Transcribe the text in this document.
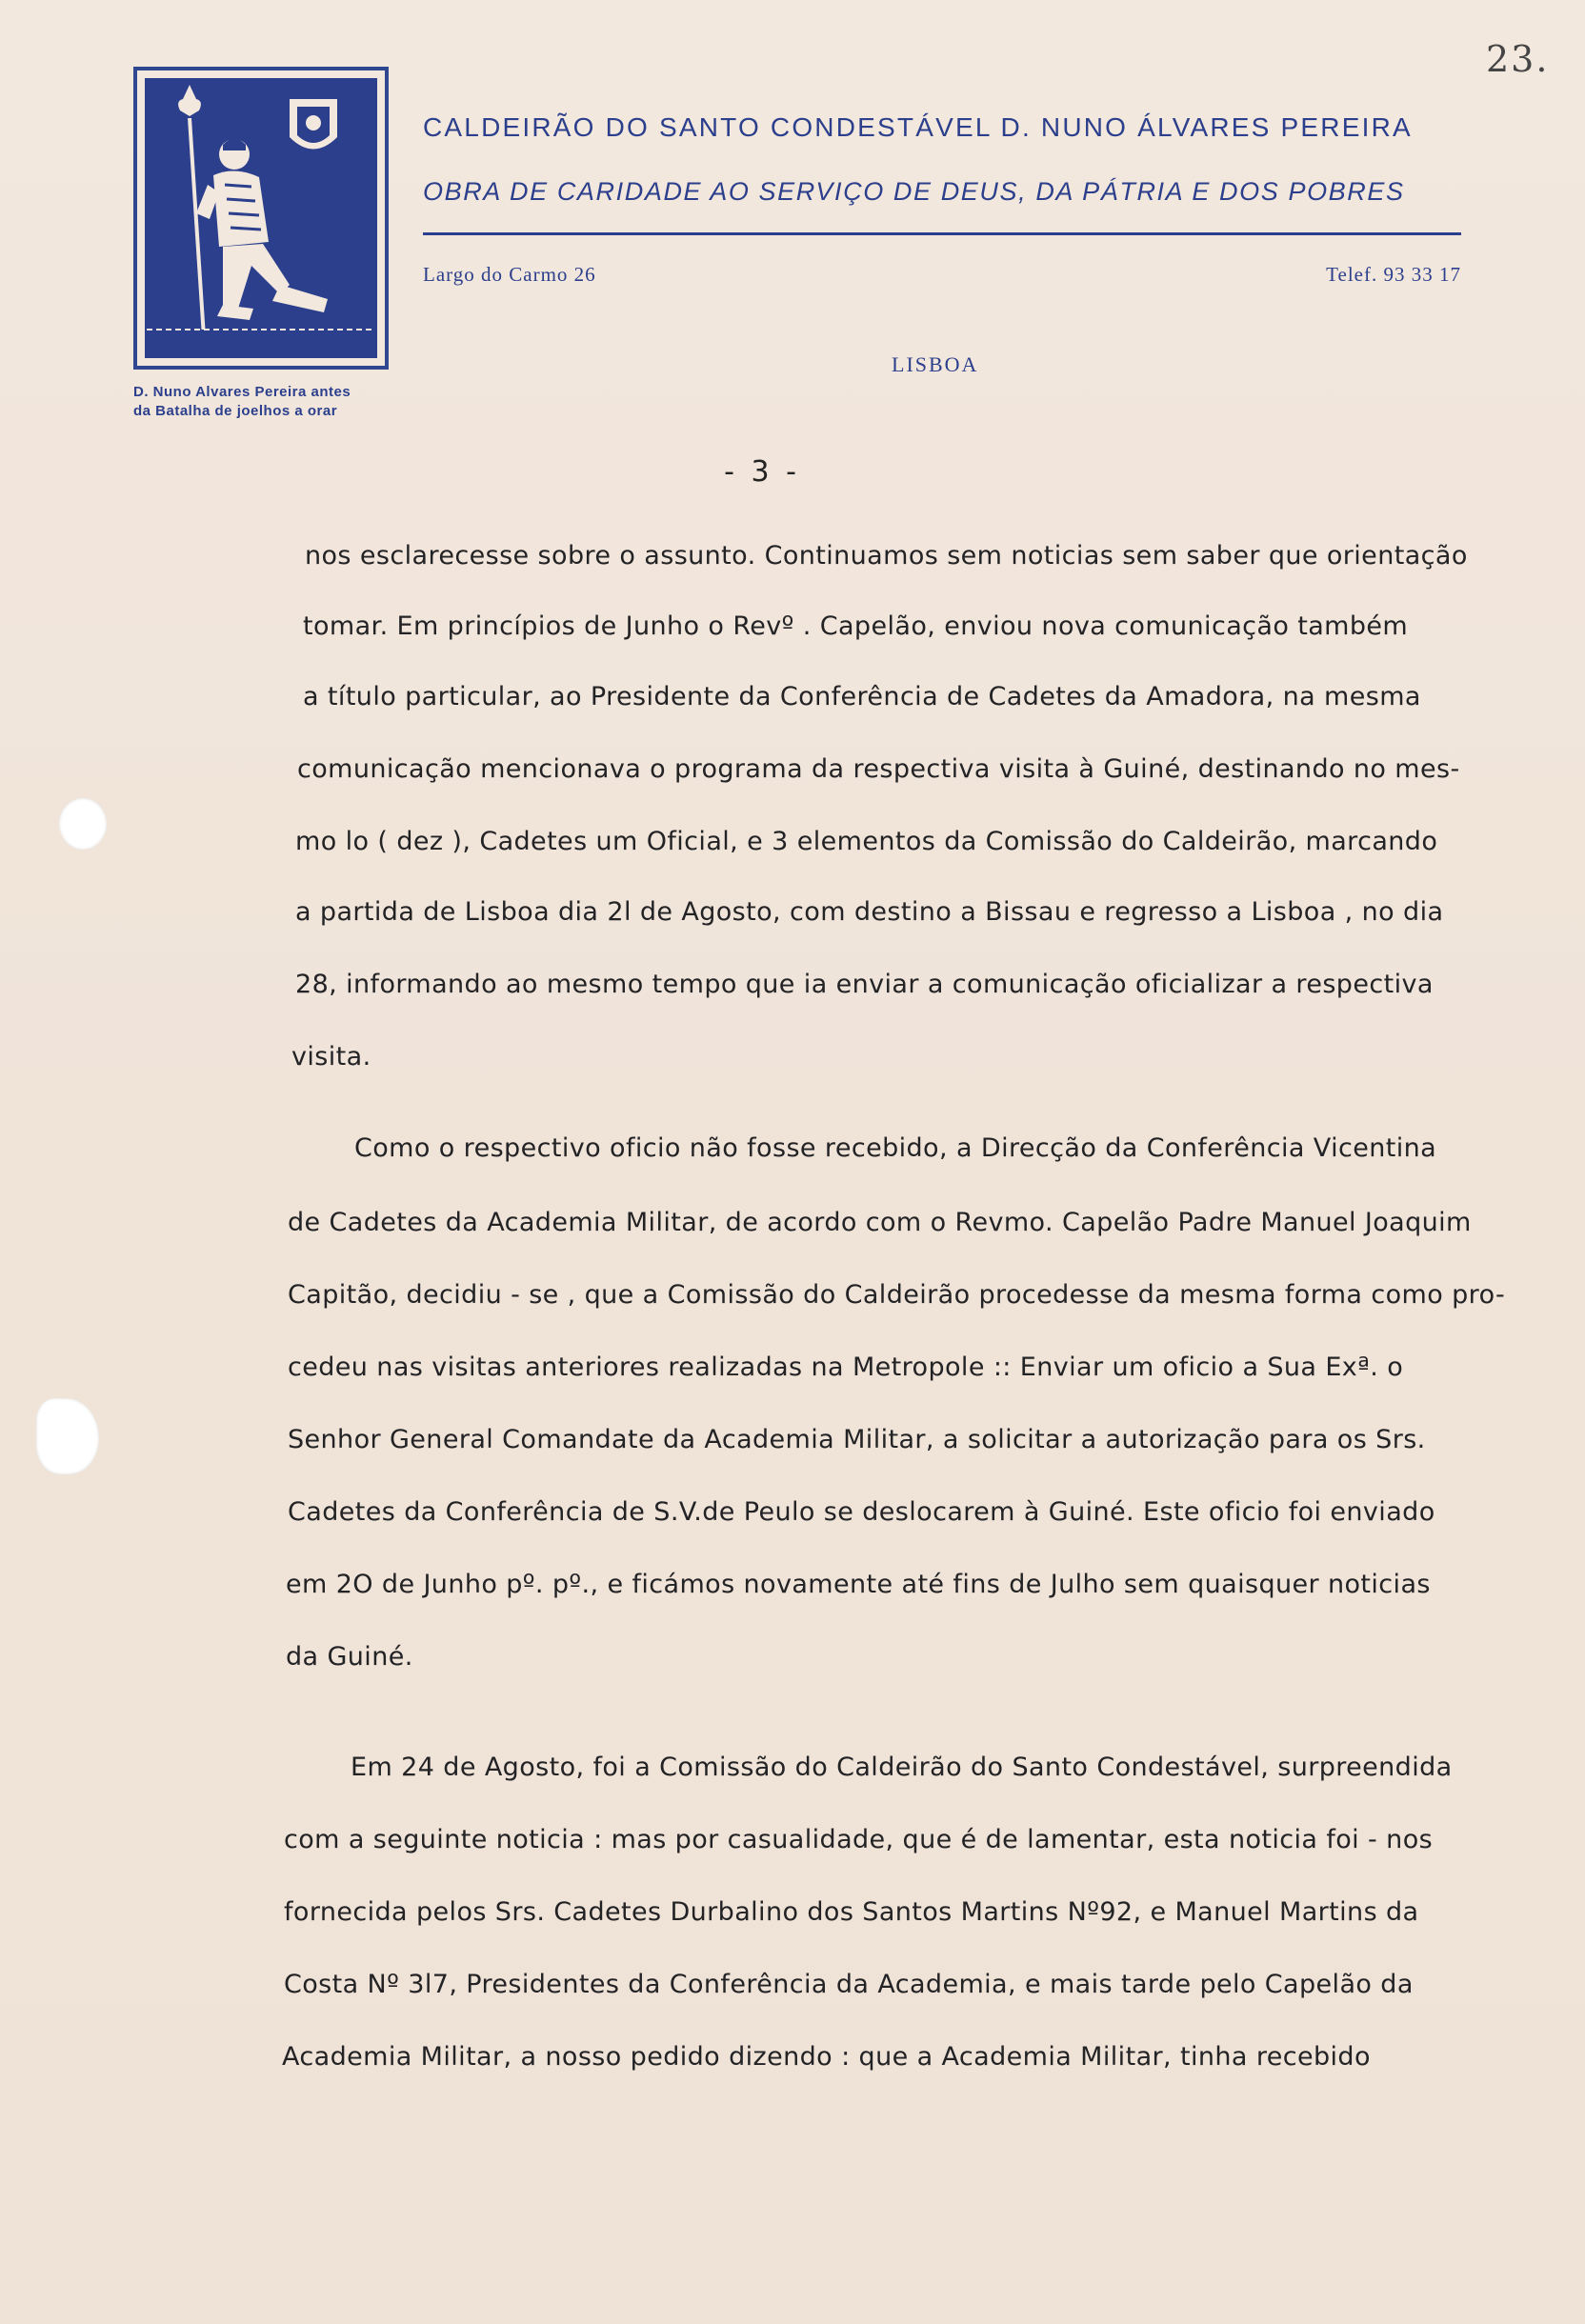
23.
D. Nuno Alvares Pereira antes
da Batalha de joelhos a orar
CALDEIRÃO DO SANTO CONDESTÁVEL D. NUNO ÁLVARES PEREIRA
OBRA DE CARIDADE AO SERVIÇO DE DEUS, DA PÁTRIA E DOS POBRES
Largo do Carmo 26	Telef. 93 33 17
LISBOA
- 3 -
nos esclarecesse sobre o assunto. Continuamos sem noticias sem saber que orientação
tomar. Em princípios de Junho o Revº . Capelão, enviou nova comunicação também
a título particular, ao Presidente da Conferência de Cadetes da Amadora, na mesma
comunicação mencionava o programa da respectiva visita à Guiné, destinando no mes-
mo lo ( dez ), Cadetes um Oficial, e 3 elementos da Comissão do Caldeirão, marcando
a partida de Lisboa dia 2l de Agosto, com destino a Bissau e regresso a Lisboa , no dia
28, informando ao mesmo tempo que ia enviar a comunicação oficializar a respectiva
visita.
Como o respectivo oficio não fosse recebido, a Direcção da Conferência Vicentina
de Cadetes da Academia Militar, de acordo com o Revmo. Capelão Padre Manuel Joaquim
Capitão, decidiu - se , que a Comissão do Caldeirão procedesse da mesma forma como pro-
cedeu nas visitas anteriores realizadas na Metropole :: Enviar um oficio a Sua Exª. o
Senhor General Comandate da Academia Militar, a solicitar a autorização para os Srs.
Cadetes da Conferência de S.V.de Peulo se deslocarem à Guiné. Este oficio foi enviado
em 2O de Junho pº. pº., e ficámos novamente até fins de Julho sem quaisquer noticias
da Guiné.
Em 24 de Agosto, foi a Comissão do Caldeirão do Santo Condestável, surpreendida
com a seguinte noticia : mas por casualidade, que é de lamentar, esta noticia foi - nos
fornecida pelos Srs. Cadetes Durbalino dos Santos Martins Nº92, e Manuel Martins da
Costa Nº 3l7, Presidentes da Conferência da Academia, e mais tarde pelo Capelão da
Academia Militar, a nosso pedido dizendo : que a Academia Militar, tinha recebido
